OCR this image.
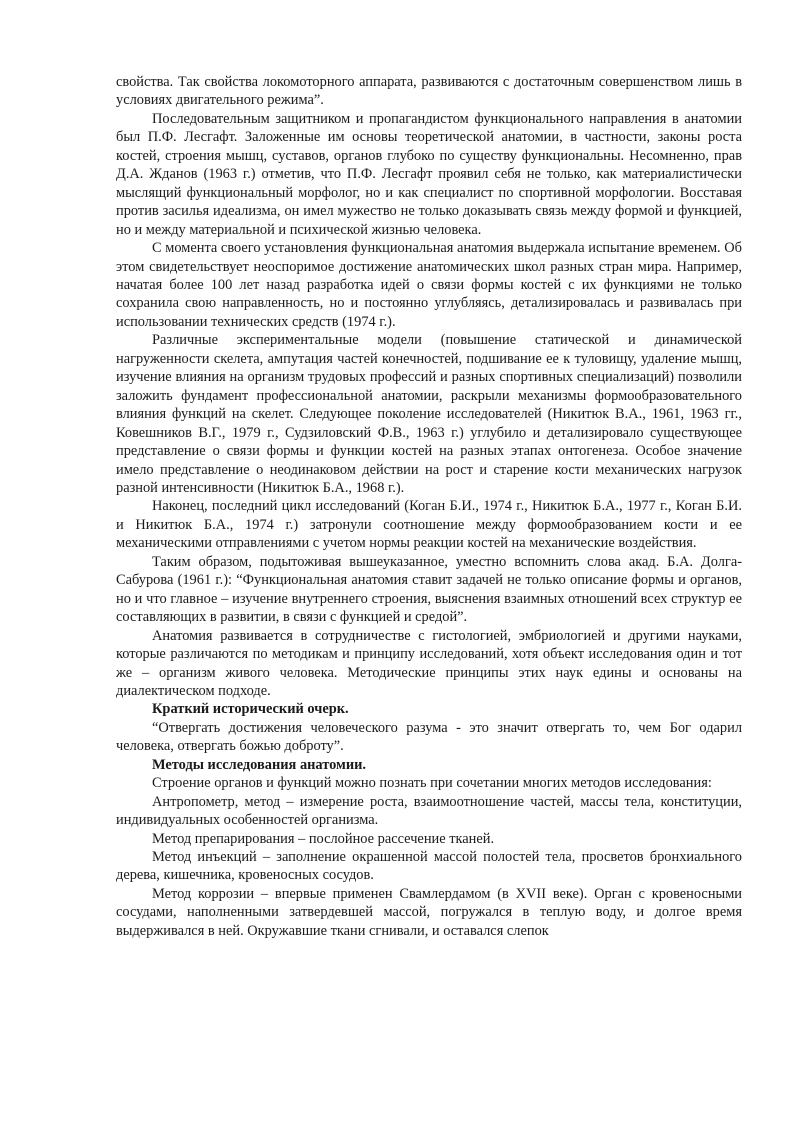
свойства. Так свойства локомоторного аппарата, развиваются с достаточным совершенством лишь в условиях двигательного режима”.

Последовательным защитником и пропагандистом функционального направления в анатомии был П.Ф. Лесгафт. Заложенные им основы теоретической анатомии, в частности, законы роста костей, строения мышц, суставов, органов глубоко по существу функциональны. Несомненно, прав Д.А. Жданов (1963 г.) отметив, что П.Ф. Лесгафт проявил себя не только, как материалистически мыслящий функциональный морфолог, но и как специалист по спортивной морфологии. Восставая против засилья идеализма, он имел мужество не только доказывать связь между формой и функцией, но и между материальной и психической жизнью человека.

С момента своего установления функциональная анатомия выдержала испытание временем. Об этом свидетельствует неоспоримое достижение анатомических школ разных стран мира. Например, начатая более 100 лет назад разработка идей о связи формы костей с их функциями не только сохранила свою направленность, но и постоянно углубляясь, детализировалась и развивалась при использовании технических средств (1974 г.).

Различные экспериментальные модели (повышение статической и динамической нагруженности скелета, ампутация частей конечностей, подшивание ее к туловищу, удаление мышц, изучение влияния на организм трудовых профессий и разных спортивных специализаций) позволили заложить фундамент профессиональной анатомии, раскрыли механизмы формообразовательного влияния функций на скелет. Следующее поколение исследователей (Никитюк В.А., 1961, 1963 гг., Ковешников В.Г., 1979 г., Судзиловский Ф.В., 1963 г.) углубило и детализировало существующее представление о связи формы и функции костей на разных этапах онтогенеза. Особое значение имело представление о неодинаковом действии на рост и старение кости механических нагрузок разной интенсивности (Никитюк Б.А., 1968 г.).

Наконец, последний цикл исследований (Коган Б.И., 1974 г., Никитюк Б.А., 1977 г., Коган Б.И. и Никитюк Б.А., 1974 г.) затронули соотношение между формообразованием кости и ее механическими отправлениями с учетом нормы реакции костей на механические воздействия.

Таким образом, подытоживая вышеуказанное, уместно вспомнить слова акад. Б.А. Долга-Сабурова (1961 г.): “Функциональная анатомия ставит задачей не только описание формы и органов, но и что главное – изучение внутреннего строения, выяснения взаимных отношений всех структур ее составляющих в развитии, в связи с функцией и средой”.

Анатомия развивается в сотрудничестве с гистологией, эмбриологией и другими науками, которые различаются по методикам и принципу исследований, хотя объект исследования один и тот же – организм живого человека. Методические принципы этих наук едины и основаны на диалектическом подходе.

Краткий исторический очерк.

“Отвергать достижения человеческого разума - это значит отвергать то, чем Бог одарил человека, отвергать божью доброту”.

Методы исследования анатомии.

Строение органов и функций можно познать при сочетании многих методов исследования:

Антропометр, метод – измерение роста, взаимоотношение частей, массы тела, конституции, индивидуальных особенностей организма.

Метод препарирования – послойное рассечение тканей.

Метод инъекций – заполнение окрашенной массой полостей тела, просветов бронхиального дерева, кишечника, кровеносных сосудов.

Метод коррозии – впервые применен Свамлердамом (в XVII веке). Орган с кровеносными сосудами, наполненными затвердевшей массой, погружался в теплую воду, и долгое время выдерживался в ней. Окружавшие ткани сгнивали, и оставался слепок
